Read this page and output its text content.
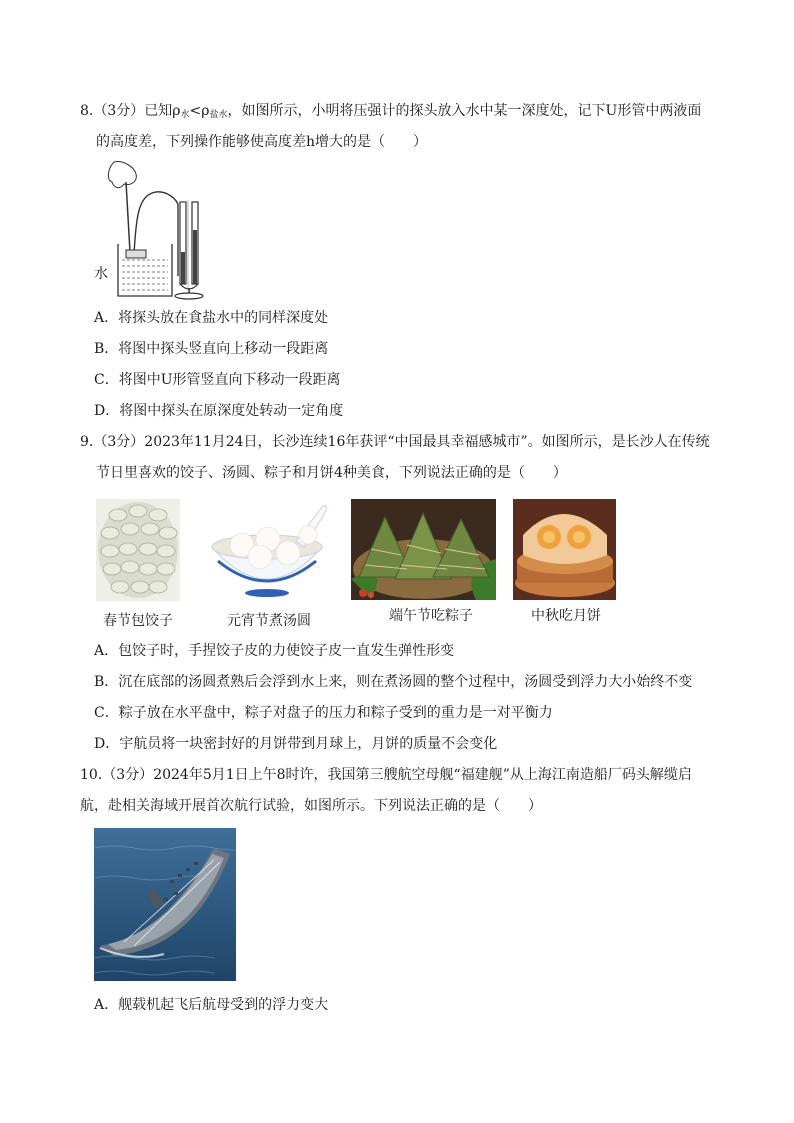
8.（3分）已知$\rho_水<\rho_{盐水}$，如图所示，小明将压强计的探头放入水中某一深度处，记下U形管中两液面
的高度差，下列操作能够使高度差h增大的是（　　）
水
A．将探头放在食盐水中的同样深度处
B．将图中探头竖直向上移动一段距离
C．将图中U形管竖直向下移动一段距离
D．将图中探头在原深度处转动一定角度
9.（3分）2023年11月24日，长沙连续16年获评“中国最具幸福感城市”。如图所示，是长沙人在传统
节日里喜欢的饺子、汤圆、粽子和月饼4种美食，下列说法正确的是（　　）
春节包饺子	元宵节煮汤圆	端午节吃粽子	中秋吃月饼
A．包饺子时，手捏饺子皮的力使饺子皮一直发生弹性形变
B．沉在底部的汤圆煮熟后会浮到水上来，则在煮汤圆的整个过程中，汤圆受到浮力大小始终不变
C．粽子放在水平盘中，粽子对盘子的压力和粽子受到的重力是一对平衡力
D．宇航员将一块密封好的月饼带到月球上，月饼的质量不会变化
10.（3分）2024年5月1日上午8时许，我国第三艘航空母舰“福建舰”从上海江南造船厂码头解缆启
航，赴相关海域开展首次航行试验，如图所示。下列说法正确的是（　　）
A．舰载机起飞后航母受到的浮力变大
